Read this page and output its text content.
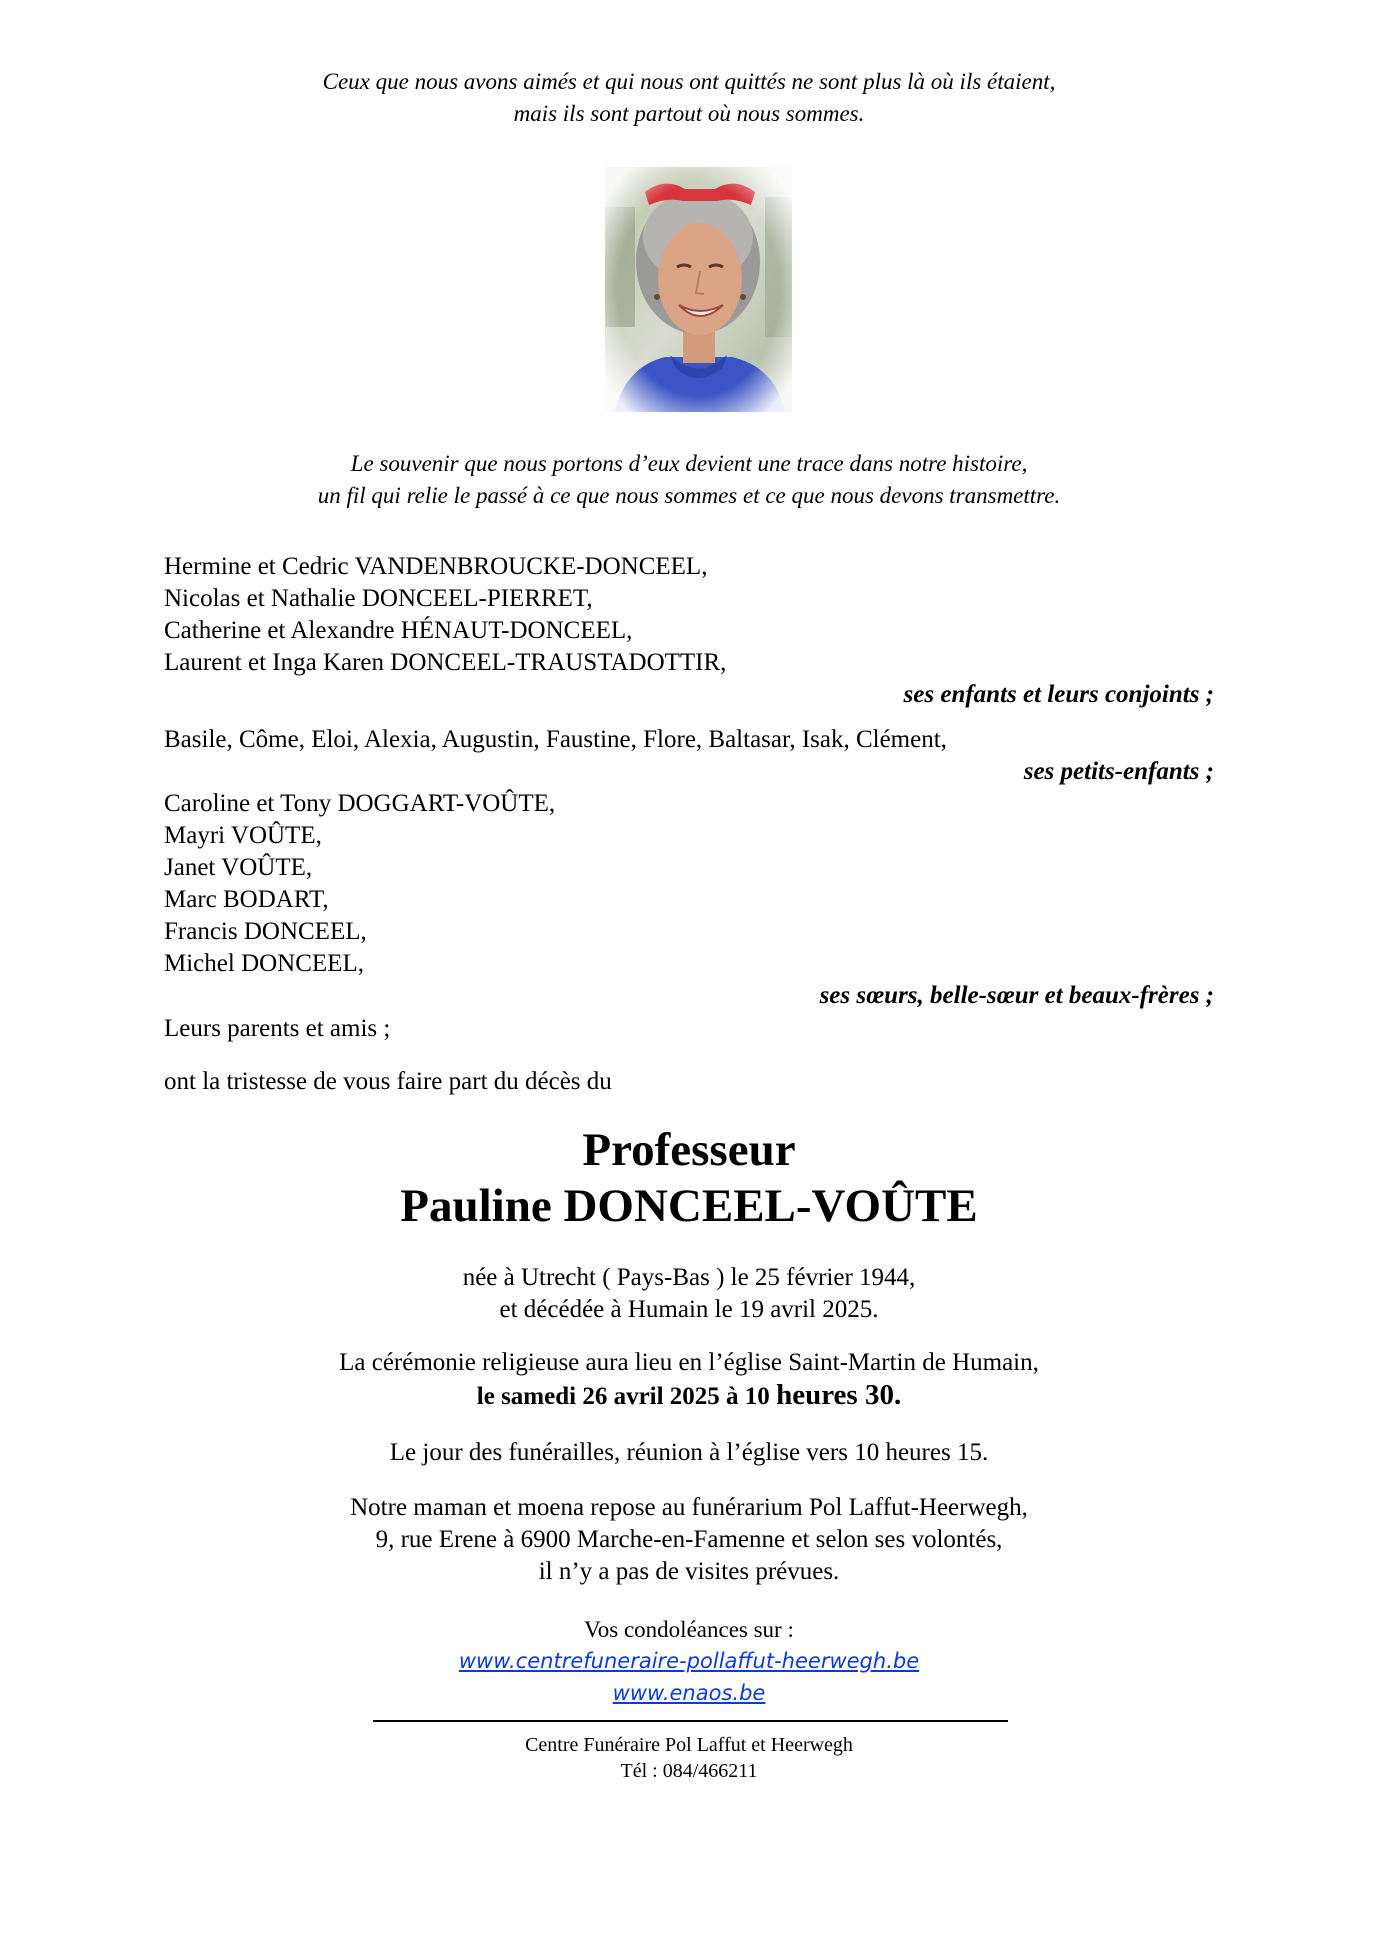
Ceux que nous avons aimés et qui nous ont quittés ne sont plus là où ils étaient,
mais ils sont partout où nous sommes.
Le souvenir que nous portons d’eux devient une trace dans notre histoire,
un fil qui relie le passé à ce que nous sommes et ce que nous devons transmettre.
Hermine et Cedric VANDENBROUCKE-DONCEEL,
Nicolas et Nathalie DONCEEL-PIERRET,
Catherine et Alexandre HÉNAUT-DONCEEL,
Laurent et Inga Karen DONCEEL-TRAUSTADOTTIR,
ses enfants et leurs conjoints ;
Basile, Côme, Eloi, Alexia, Augustin, Faustine, Flore, Baltasar, Isak, Clément,
ses petits-enfants ;
Caroline et Tony DOGGART-VOÛTE,
Mayri VOÛTE,
Janet VOÛTE,
Marc BODART,
Francis DONCEEL,
Michel DONCEEL,
ses sœurs, belle-sœur et beaux-frères ;
Leurs parents et amis ;
ont la tristesse de vous faire part du décès du
Professeur
Pauline DONCEEL-VOÛTE
née à Utrecht ( Pays-Bas ) le 25 février 1944,
et décédée à Humain le 19 avril 2025.
La cérémonie religieuse aura lieu en l’église Saint-Martin de Humain,
le samedi 26 avril 2025 à 10 heures 30.
Le jour des funérailles, réunion à l’église vers 10 heures 15.
Notre maman et moena repose au funérarium Pol Laffut-Heerwegh,
9, rue Erene à 6900 Marche-en-Famenne et selon ses volontés,
il n’y a pas de visites prévues.
Vos condoléances sur :
www.centrefuneraire-pollaffut-heerwegh.be
www.enaos.be
Centre Funéraire Pol Laffut et Heerwegh
Tél : 084/466211
